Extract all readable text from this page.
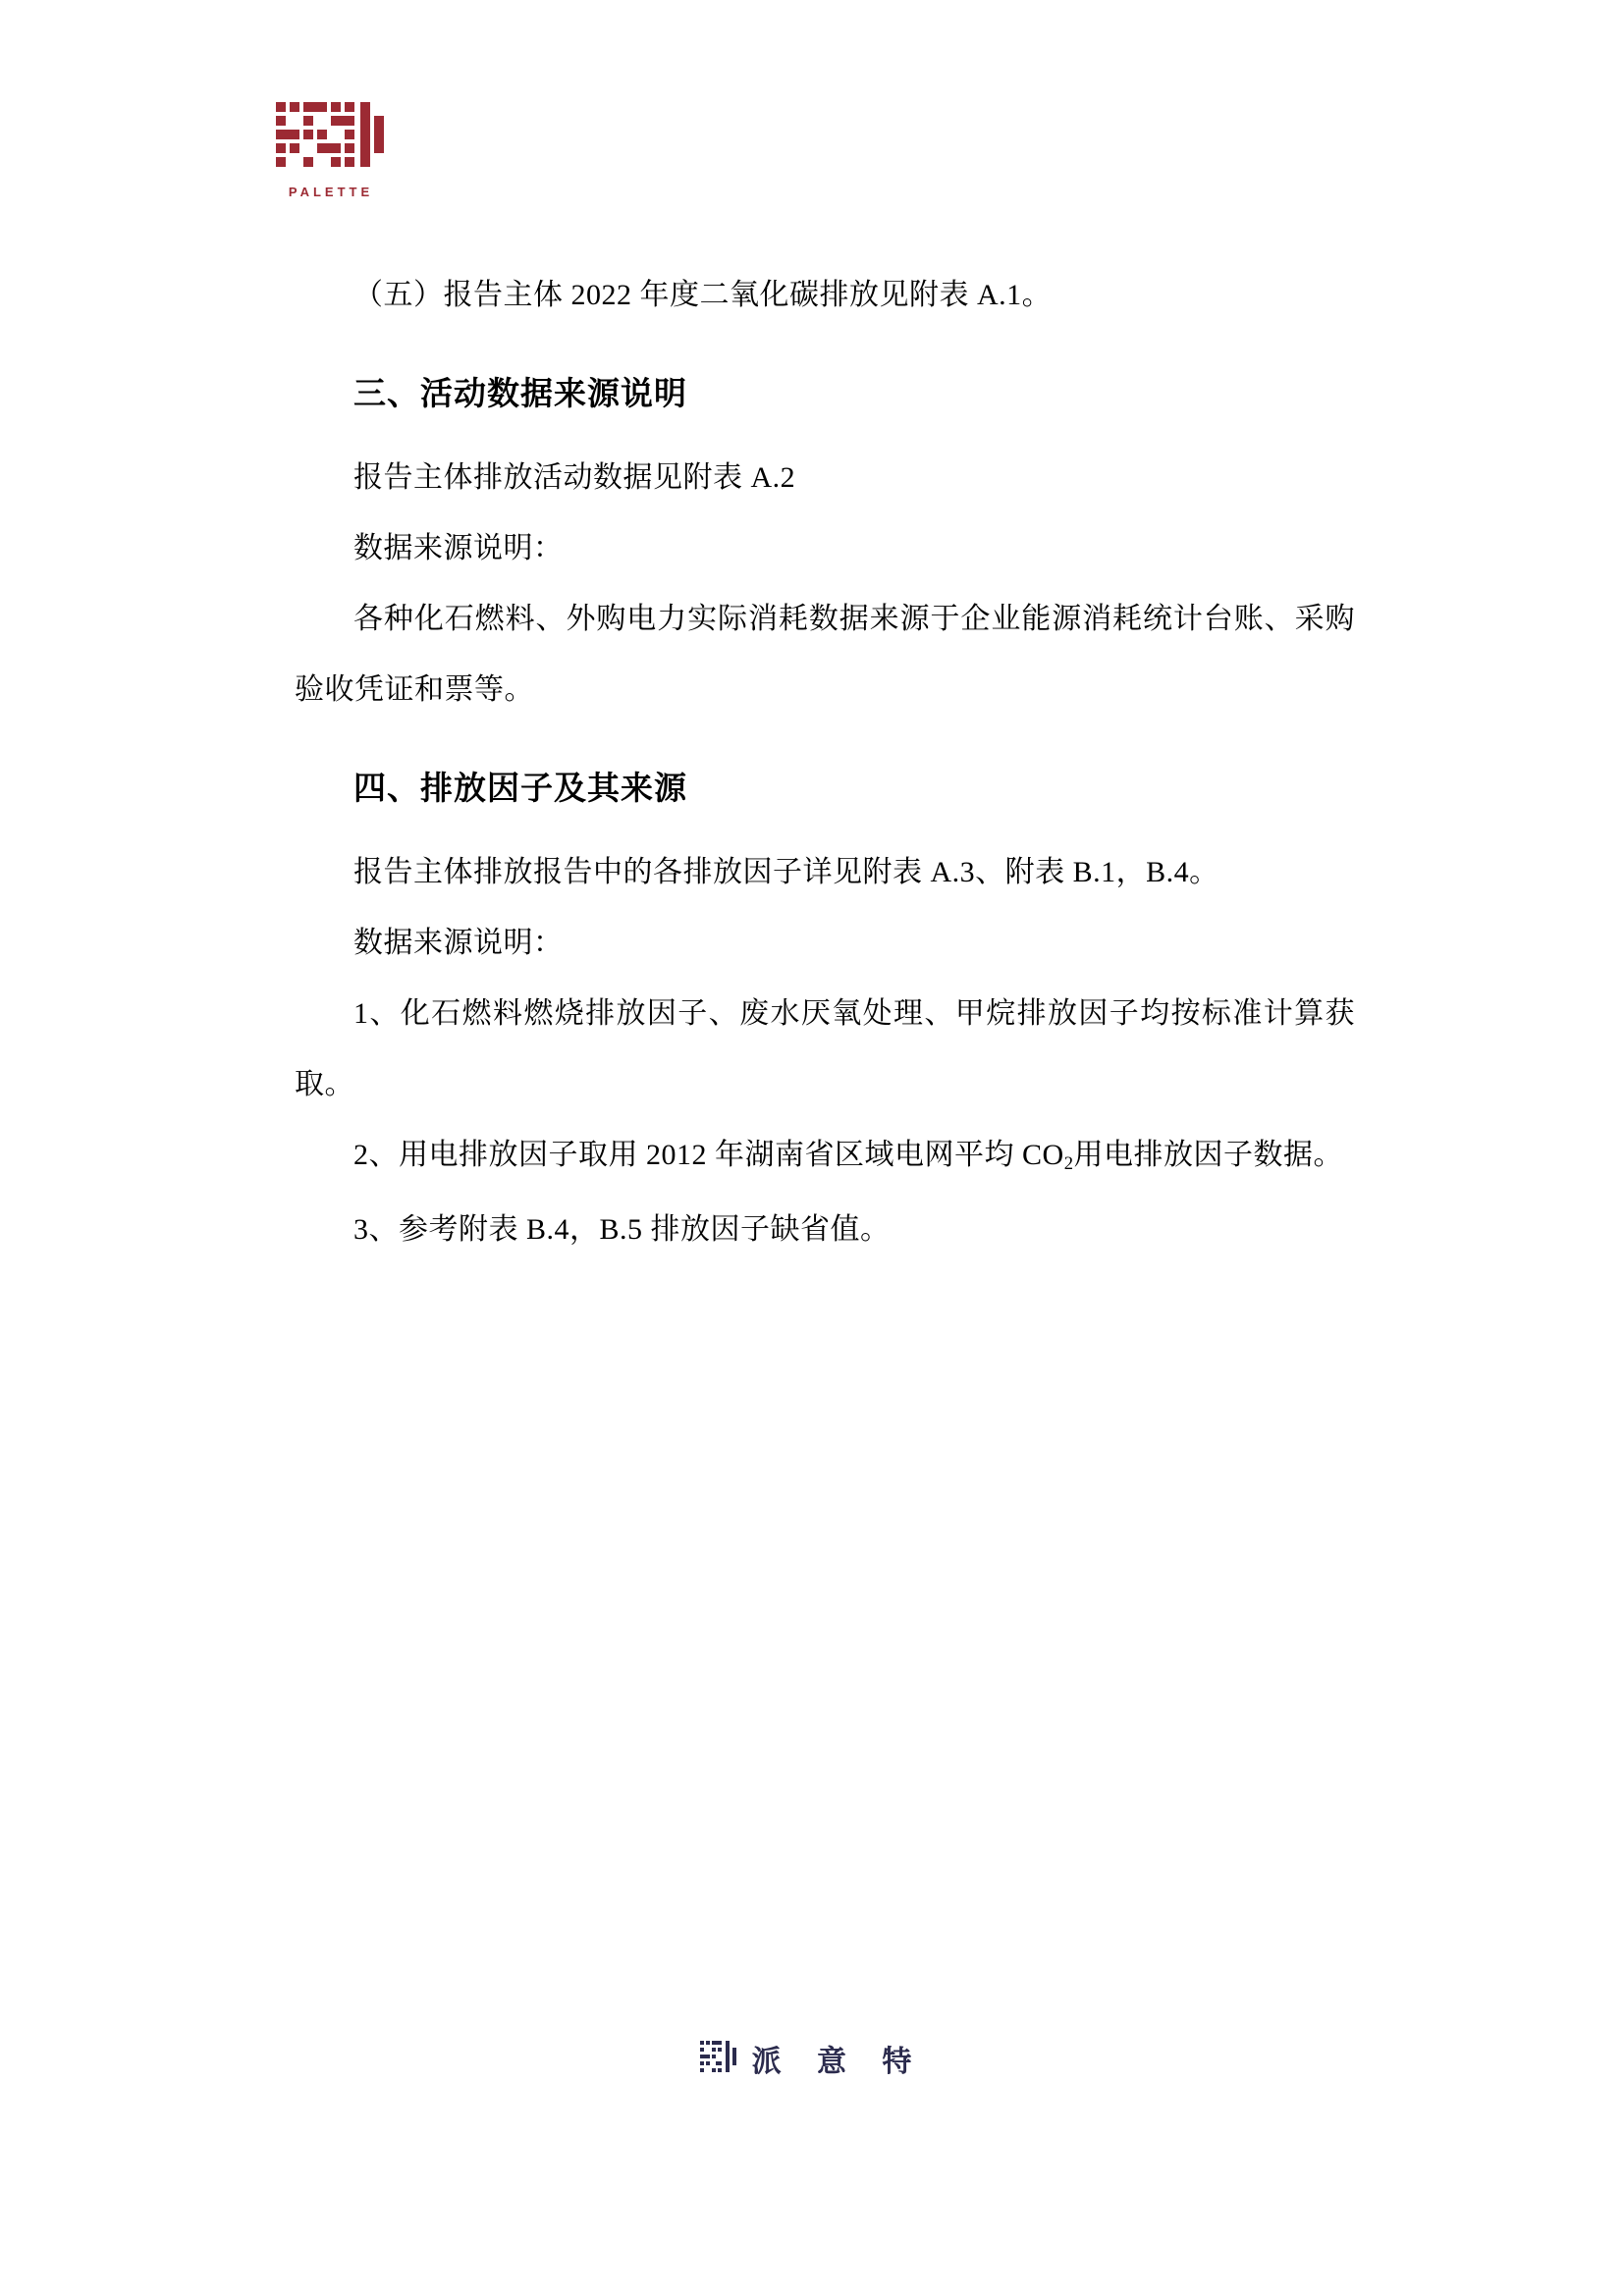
PALETTE

（五）报告主体 2022 年度二氧化碳排放见附表 A.1。

三、活动数据来源说明

报告主体排放活动数据见附表 A.2

数据来源说明：

各种化石燃料、外购电力实际消耗数据来源于企业能源消耗统计台账、采购验收凭证和票等。

四、排放因子及其来源

报告主体排放报告中的各排放因子详见附表 A.3、附表 B.1，B.4。

数据来源说明：

1、化石燃料燃烧排放因子、废水厌氧处理、甲烷排放因子均按标准计算获取。

2、用电排放因子取用 2012 年湖南省区域电网平均 $CO_2$用电排放因子数据。

3、参考附表 B.4，B.5 排放因子缺省值。

派 意 特
